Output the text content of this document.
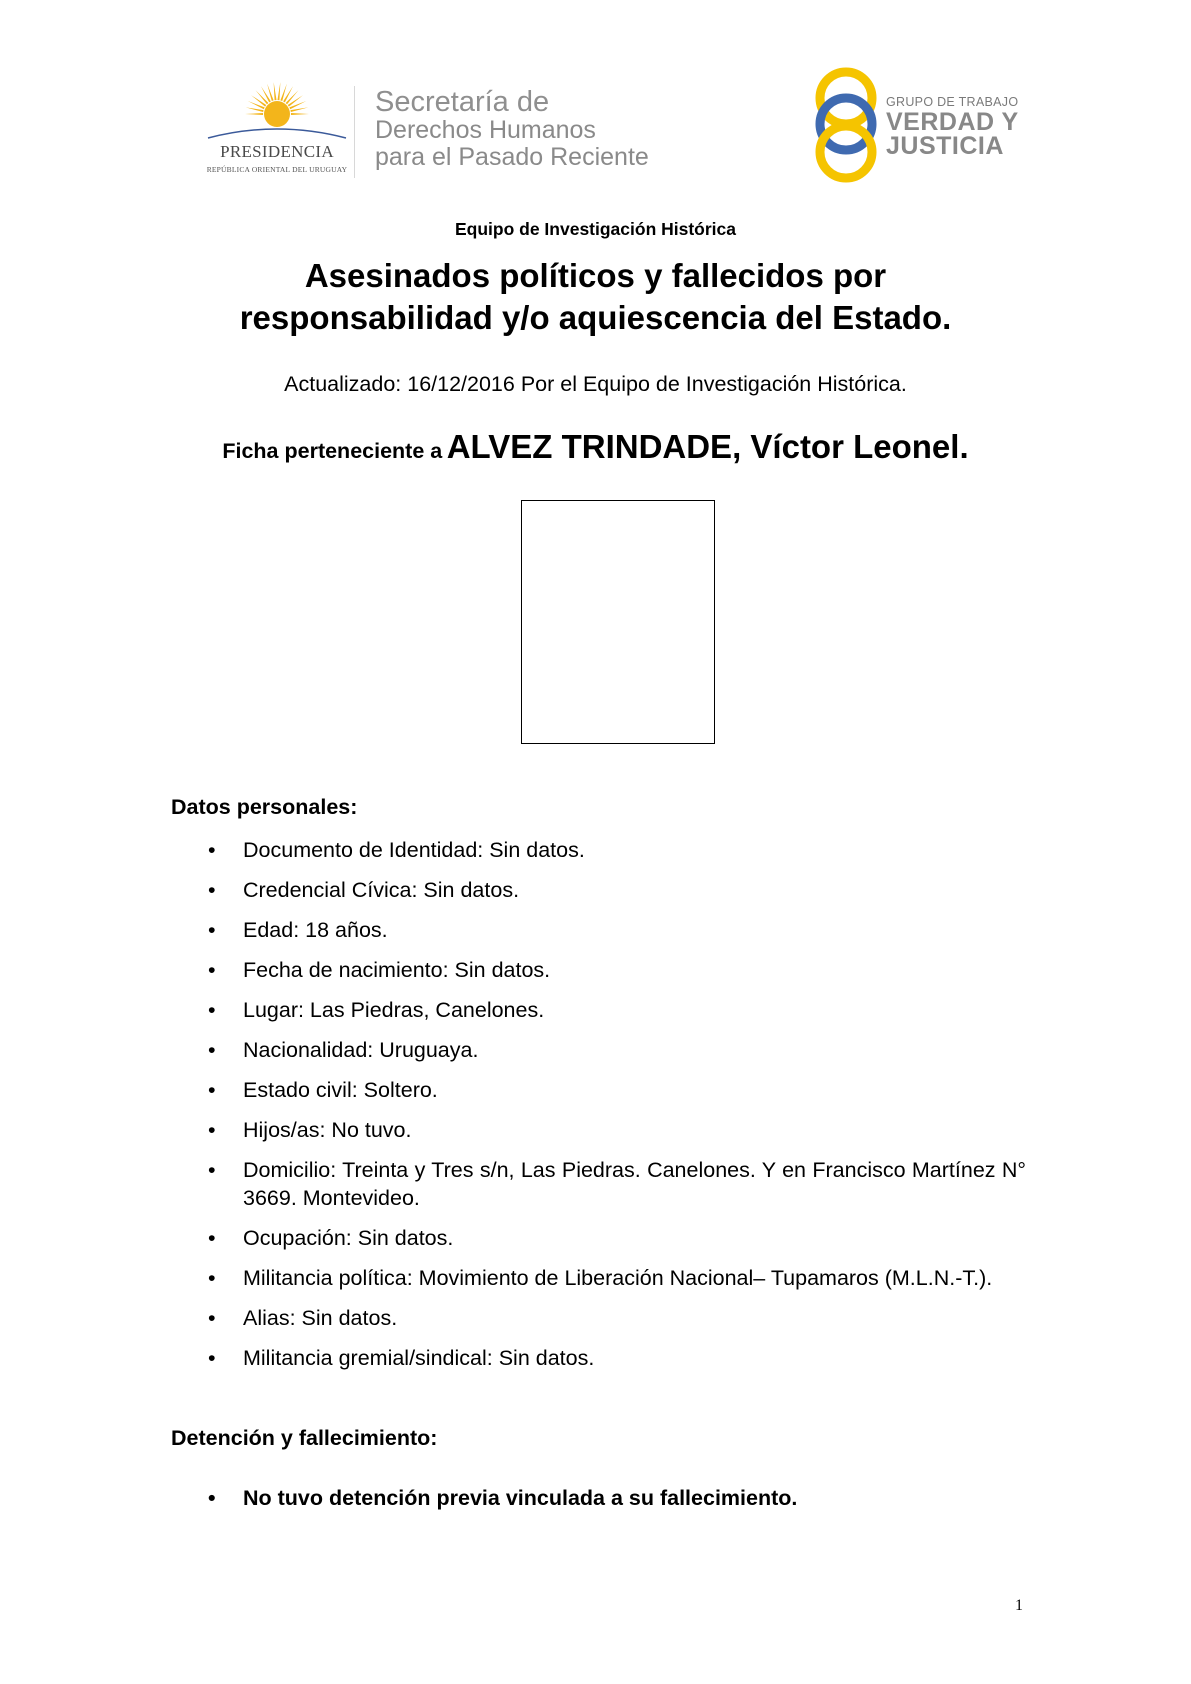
PRESIDENCIA
REPÚBLICA ORIENTAL DEL URUGUAY
Secretaría de
Derechos Humanos
para el Pasado Reciente
GRUPO DE TRABAJO
VERDAD Y
JUSTICIA
Equipo de Investigación Histórica
Asesinados políticos y fallecidos por
responsabilidad y/o aquiescencia del Estado.
Actualizado: 16/12/2016 Por el Equipo de Investigación Histórica.
Ficha perteneciente a ALVEZ TRINDADE, Víctor Leonel.
Datos personales:
• Documento de Identidad: Sin datos.
• Credencial Cívica: Sin datos.
• Edad: 18 años.
• Fecha de nacimiento: Sin datos.
• Lugar: Las Piedras, Canelones.
• Nacionalidad: Uruguaya.
• Estado civil: Soltero.
• Hijos/as: No tuvo.
• Domicilio: Treinta y Tres s/n, Las Piedras. Canelones. Y en Francisco Martínez N° 3669. Montevideo.
• Ocupación: Sin datos.
• Militancia política: Movimiento de Liberación Nacional– Tupamaros (M.L.N.-T.).
• Alias: Sin datos.
• Militancia gremial/sindical: Sin datos.
Detención y fallecimiento:
• No tuvo detención previa vinculada a su fallecimiento.
1
